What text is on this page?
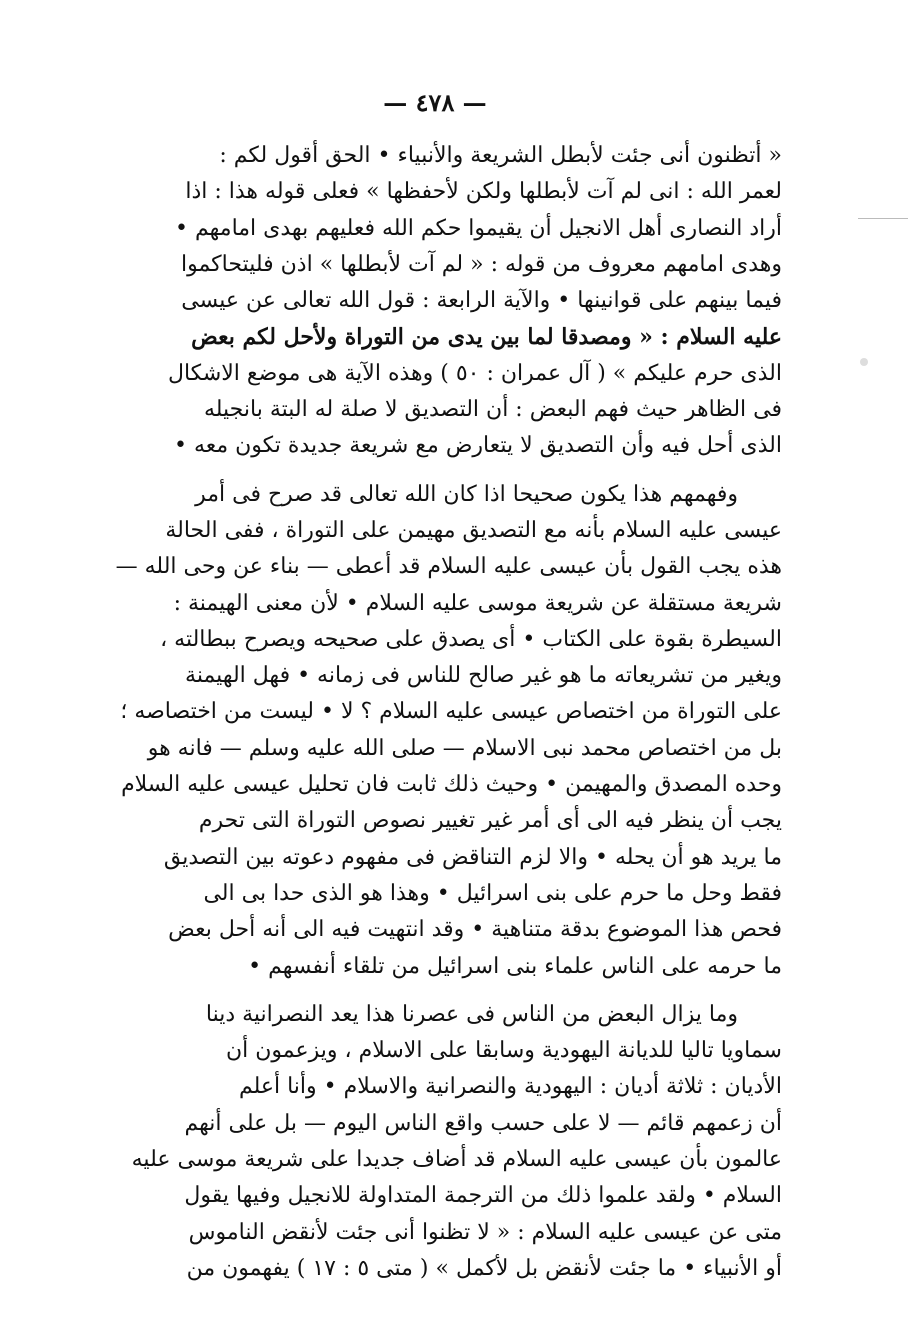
— ٤٧٨ —

« أتظنون أنى جئت لأبطل الشريعة والأنبياء • الحق أقول لكم :
لعمر الله : انى لم آت لأبطلها ولكن لأحفظها » فعلى قوله هذا : اذا
أراد النصارى أهل الانجيل أن يقيموا حكم الله فعليهم بهدى امامهم •
وهدى امامهم معروف من قوله : « لم آت لأبطلها » اذن فليتحاكموا
فيما بينهم على قوانينها • والآية الرابعة : قول الله تعالى عن عيسى
عليه السلام : « ومصدقا لما بين يدى من التوراة ولأحل لكم بعض
الذى حرم عليكم » ( آل عمران : ٥٠ ) وهذه الآية هى موضع الاشكال
فى الظاهر حيث فهم البعض : أن التصديق لا صلة له البتة بانجيله
الذى أحل فيه وأن التصديق لا يتعارض مع شريعة جديدة تكون معه •

وفهمهم هذا يكون صحيحا اذا كان الله تعالى قد صرح فى أمر
عيسى عليه السلام بأنه مع التصديق مهيمن على التوراة ، ففى الحالة
هذه يجب القول بأن عيسى عليه السلام قد أعطى — بناء عن وحى الله —
شريعة مستقلة عن شريعة موسى عليه السلام • لأن معنى الهيمنة :
السيطرة بقوة على الكتاب • أى يصدق على صحيحه ويصرح ببطالته ،
ويغير من تشريعاته ما هو غير صالح للناس فى زمانه • فهل الهيمنة
على التوراة من اختصاص عيسى عليه السلام ؟ لا • ليست من اختصاصه ؛
بل من اختصاص محمد نبى الاسلام — صلى الله عليه وسلم — فانه هو
وحده المصدق والمهيمن • وحيث ذلك ثابت فان تحليل عيسى عليه السلام
يجب أن ينظر فيه الى أى أمر غير تغيير نصوص التوراة التى تحرم
ما يريد هو أن يحله • والا لزم التناقض فى مفهوم دعوته بين التصديق
فقط وحل ما حرم على بنى اسرائيل • وهذا هو الذى حدا بى الى
فحص هذا الموضوع بدقة متناهية • وقد انتهيت فيه الى أنه أحل بعض
ما حرمه على الناس علماء بنى اسرائيل من تلقاء أنفسهم •

وما يزال البعض من الناس فى عصرنا هذا يعد النصرانية دينا
سماويا تاليا للديانة اليهودية وسابقا على الاسلام ، ويزعمون أن
الأديان : ثلاثة أديان : اليهودية والنصرانية والاسلام • وأنا أعلم
أن زعمهم قائم — لا على حسب واقع الناس اليوم — بل على أنهم
عالمون بأن عيسى عليه السلام قد أضاف جديدا على شريعة موسى عليه
السلام • ولقد علموا ذلك من الترجمة المتداولة للانجيل وفيها يقول
متى عن عيسى عليه السلام : « لا تظنوا أنى جئت لأنقض الناموس
أو الأنبياء • ما جئت لأنقض بل لأكمل » ( متى ٥ : ١٧ ) يفهمون من
